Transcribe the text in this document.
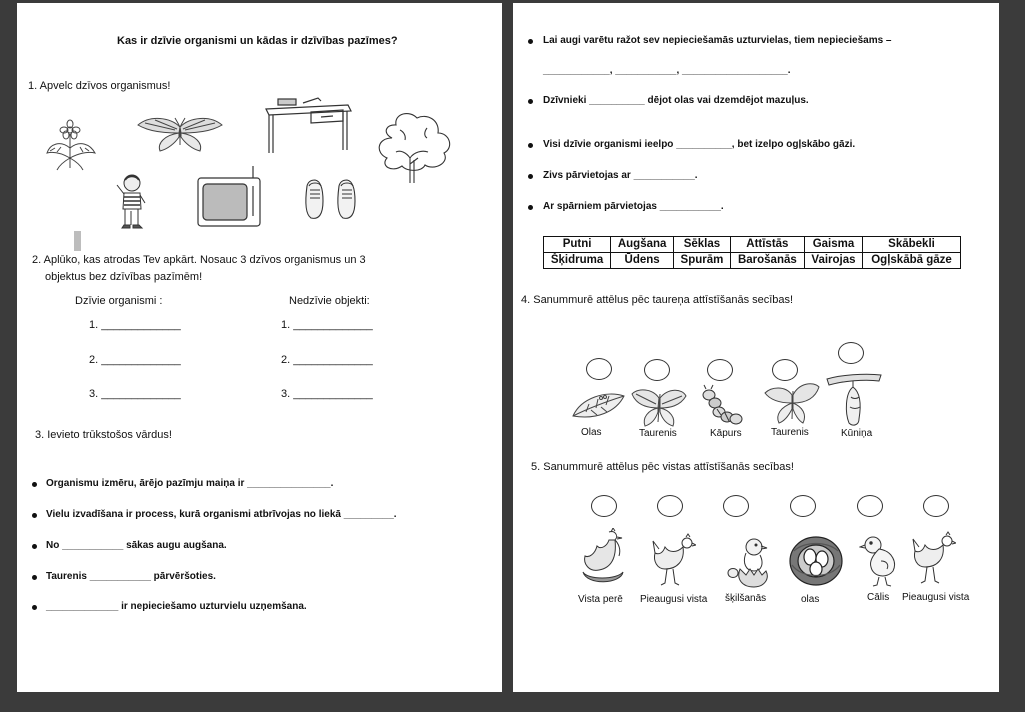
Kas ir dzīvie organismi un kādas ir dzīvības pazīmes?
1. Apvelc dzīvos organismus!
2. Aplūko, kas atrodas Tev apkārt. Nosauc 3 dzīvos organismus un 3
objektus bez dzīvības pazīmēm!
Dzīvie organismi :	Nedzīvie objekti:
1. _____________
2. _____________
3. _____________
1. _____________
2. _____________
3. _____________
3. Ievieto trūkstošos vārdus!
Organismu izmēru, ārējo pazīmju maiņa ir _______________.
Vielu izvadīšana ir process, kurā organismi atbrīvojas no liekā _________.
No ___________ sākas augu augšana.
Taurenis ___________ pārvēršoties.
_____________ ir nepieciešamo uzturvielu uzņemšana.
Lai augi varētu ražot sev nepieciešamās uzturvielas, tiem nepieciešams –
____________, ___________, ___________________.
Dzīvnieki __________ dējot olas vai dzemdējot mazuļus.
Visi dzīvie organismi ieelpo __________, bet izelpo ogļskābo gāzi.
Zivs pārvietojas ar ___________.
Ar spārniem pārvietojas ___________.
Putni	Augšana	Sēklas	Attīstās	Gaisma	Skābekli
Šķidruma	Ūdens	Spurām	Barošanās	Vairojas	Ogļskābā gāze
4. Sanummurē attēlus pēc taureņa attīstīšanās secības!
Olas	Taurenis	Kāpurs	Taurenis	Kūniņa
5. Sanummurē attēlus pēc vistas attīstīšanās secības!
Vista perē Pieaugusi vista šķilšanās	olas	Cālis Pieaugusi vista
